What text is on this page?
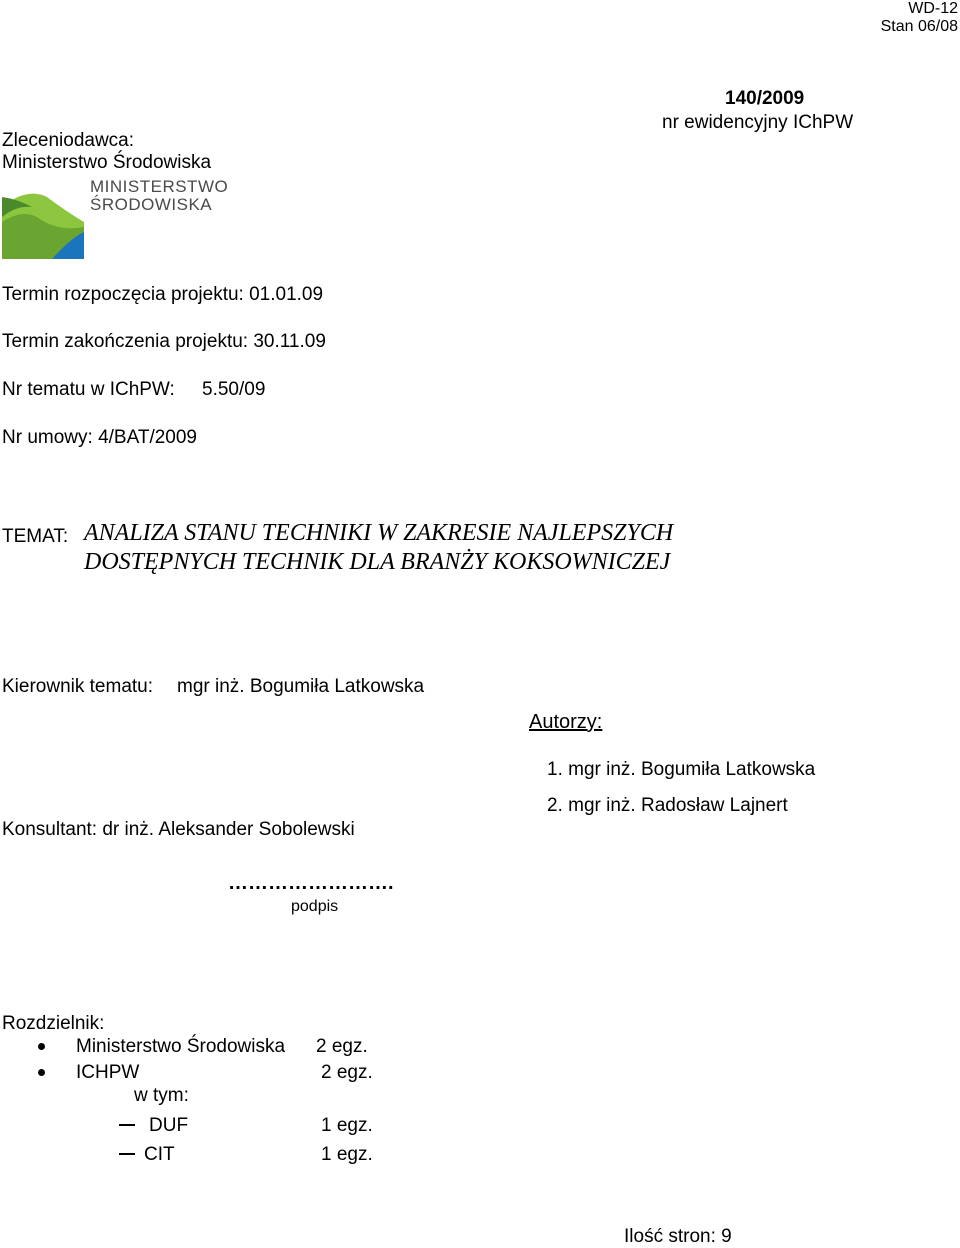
WD-12
Stan 06/08
140/2009
nr ewidencyjny IChPW
Zleceniodawca:
Ministerstwo Środowiska
MINISTERSTWO
ŚRODOWISKA
Termin rozpoczęcia projektu: 01.01.09
Termin zakończenia projektu: 30.11.09
Nr tematu w IChPW: 5.50/09
Nr umowy: 4/BAT/2009
TEMAT: ANALIZA STANU TECHNIKI W ZAKRESIE NAJLEPSZYCH
DOSTĘPNYCH TECHNIK DLA BRANŻY KOKSOWNICZEJ
Kierownik tematu: mgr inż. Bogumiła Latkowska
Autorzy:
1. mgr inż. Bogumiła Latkowska
2. mgr inż. Radosław Lajnert
Konsultant: dr inż. Aleksander Sobolewski
…………………….
podpis
Rozdzielnik:
Ministerstwo Środowiska 2 egz.
ICHPW	2 egz.
w tym:
DUF	1 egz.
CIT	1 egz.
Ilość stron: 9
